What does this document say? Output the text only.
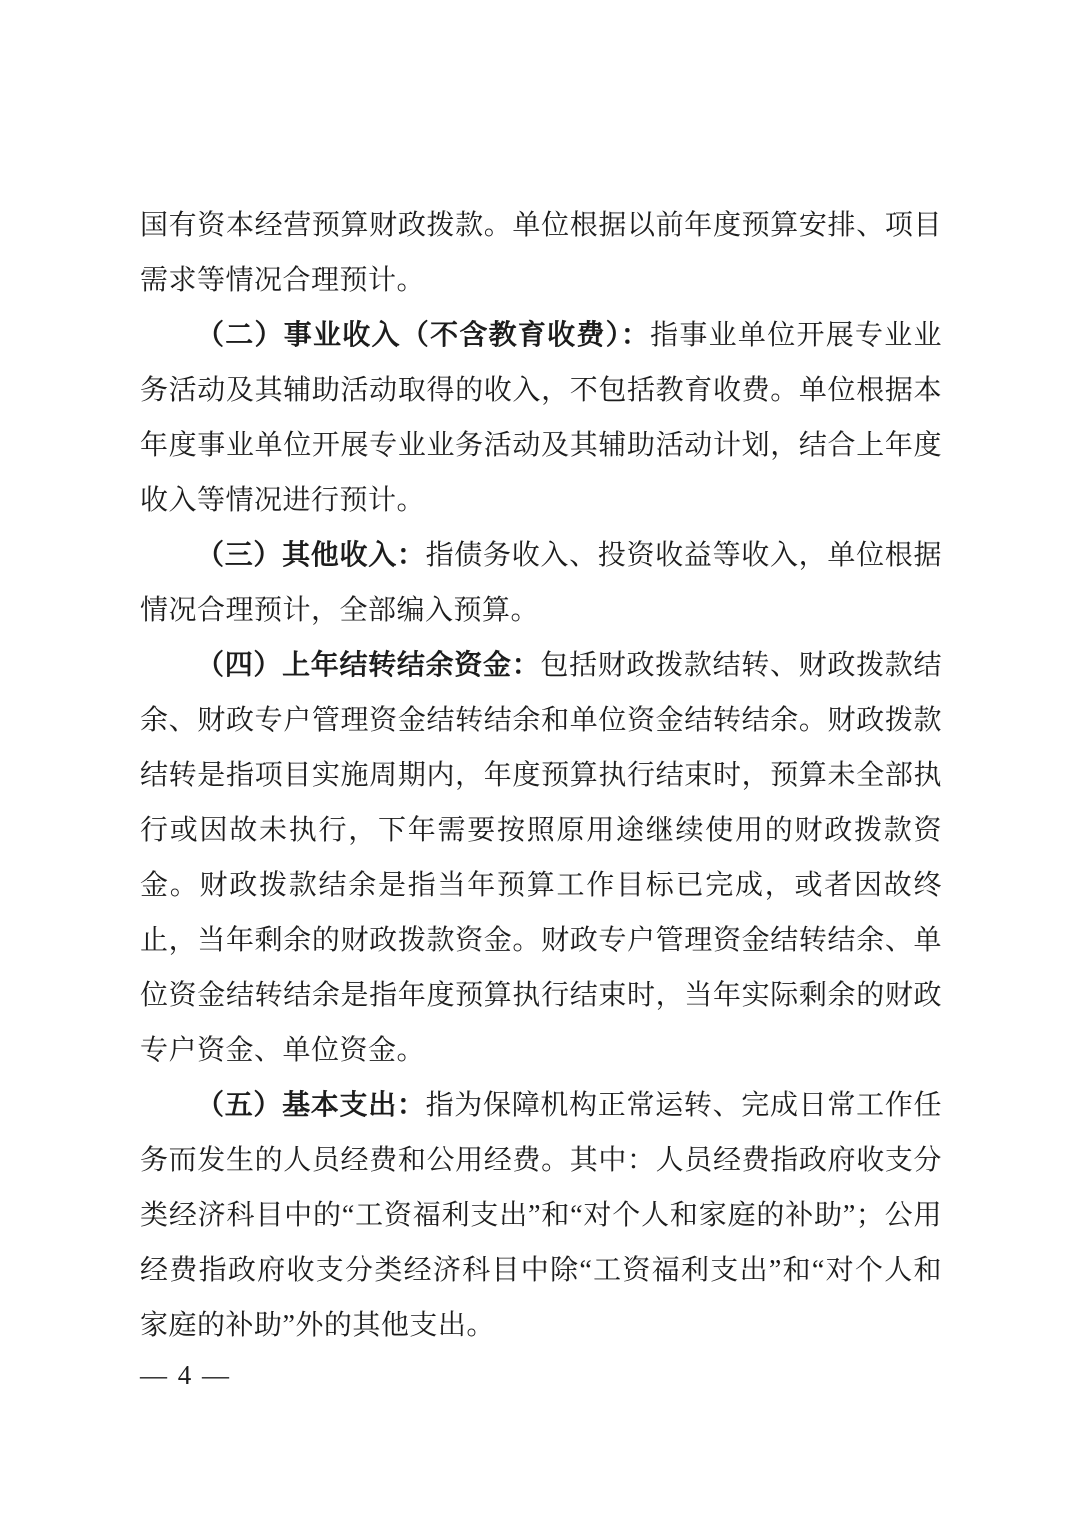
国有资本经营预算财政拨款。单位根据以前年度预算安排、项目需求等情况合理预计。

（二）事业收入（不含教育收费）：指事业单位开展专业业务活动及其辅助活动取得的收入，不包括教育收费。单位根据本年度事业单位开展专业业务活动及其辅助活动计划，结合上年度收入等情况进行预计。

（三）其他收入：指债务收入、投资收益等收入，单位根据情况合理预计，全部编入预算。

（四）上年结转结余资金：包括财政拨款结转、财政拨款结余、财政专户管理资金结转结余和单位资金结转结余。财政拨款结转是指项目实施周期内，年度预算执行结束时，预算未全部执行或因故未执行，下年需要按照原用途继续使用的财政拨款资金。财政拨款结余是指当年预算工作目标已完成，或者因故终止，当年剩余的财政拨款资金。财政专户管理资金结转结余、单位资金结转结余是指年度预算执行结束时，当年实际剩余的财政专户资金、单位资金。

（五）基本支出：指为保障机构正常运转、完成日常工作任务而发生的人员经费和公用经费。其中：人员经费指政府收支分类经济科目中的“工资福利支出”和“对个人和家庭的补助”；公用经费指政府收支分类经济科目中除“工资福利支出”和“对个人和家庭的补助”外的其他支出。

— 4 —
